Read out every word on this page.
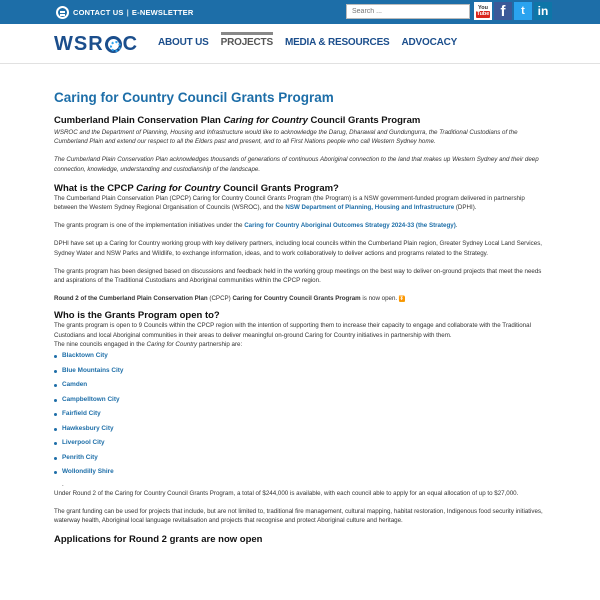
CONTACT US | E-NEWSLETTER
Search ...	You
Tube f	t	in
WSR C ABOUT US PROJECTS MEDIA & RESOURCES ADVOCACY
Caring for Country Council Grants Program
Cumberland Plain Conservation Plan Caring for Country Council Grants Program

WSROC and the Department of Planning, Housing and Infrastructure would like to acknowledge the Darug, Dharawal and Gundungurra, the Traditional Custodians of the Cumberland Plain and extend our respect to all the Elders past and present, and to all First Nations people who call Western Sydney home.

The Cumberland Plain Conservation Plan acknowledges thousands of generations of continuous Aboriginal connection to the land that makes up Western Sydney and their deep connection, knowledge, understanding and custodianship of the landscape.

What is the CPCP Caring for Country Council Grants Program?

The Cumberland Plain Conservation Plan (CPCP) Caring for Country Council Grants Program (the Program) is a NSW government-funded program delivered in partnership between the Western Sydney Regional Organisation of Councils (WSROC), and the NSW Department of Planning, Housing and Infrastructure (DPHI).

The grants program is one of the implementation initiatives under the Caring for Country Aboriginal Outcomes Strategy 2024-33 (the Strategy).

DPHI have set up a Caring for Country working group with key delivery partners, including local councils within the Cumberland Plain region, Greater Sydney Local Land Services, Sydney Water and NSW Parks and Wildlife, to exchange information, ideas, and to work collaboratively to deliver actions and programs related to the Strategy.

The grants program has been designed based on discussions and feedback held in the working group meetings on the best way to deliver on-ground projects that meet the needs and aspirations of the Traditional Custodians and Aboriginal communities within the CPCP region.

Round 2 of the Cumberland Plain Conservation Plan (CPCP) Caring for Country Council Grants Program is now open. ⏬

Who is the Grants Program open to?

The grants program is open to 9 Councils within the CPCP region with the intention of supporting them to increase their capacity to engage and collaborate with the Traditional Custodians and local Aboriginal communities in their areas to deliver meaningful on-ground Caring for Country initiatives in partnership with them.

The nine councils engaged in the Caring for Country partnership are:

Blacktown City
Blue Mountains City
Camden
Campbelltown City
Fairfield City
Hawkesbury City
Liverpool City
Penrith City
Wollondilly Shire

.

Under Round 2 of the Caring for Country Council Grants Program, a total of $244,000 is available, with each council able to apply for an equal allocation of up to $27,000.

The grant funding can be used for projects that include, but are not limited to, traditional fire management, cultural mapping, habitat restoration, Indigenous food security initiatives, waterway health, Aboriginal local language revitalisation and projects that recognise and protect Aboriginal culture and heritage.

Applications for Round 2 grants are now open
